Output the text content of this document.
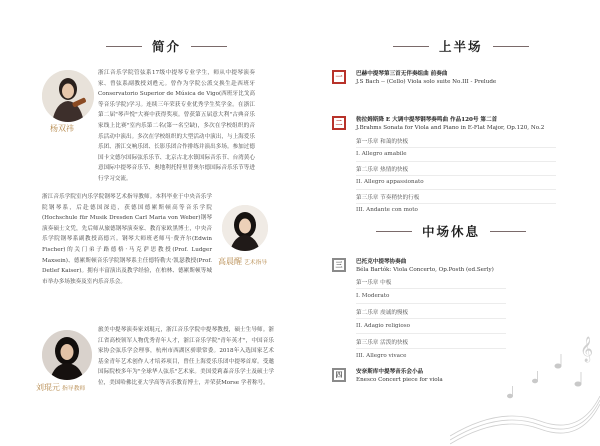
简介
杨双祎

浙江音乐学院管弦系17级中提琴专业学生，师从中提琴演奏家、曾弦系副教授刘甦元。曾作为学院公派交换生赴西班牙Conservatorio Superior de Música de Vigo(西班牙比戈高等音乐学院)学习。连续三年荣获专业优秀学生奖学金。在浙江第二届"琴声悦"大赛中获得奖项。曾获第五届意大利"古典音乐家线上比赛"室内乐第二名(第一名空缺)，多次在学校组织的音乐活动中演出。多次在学校组织的大型活动中演出，与上海爱乐乐团、浙江交响乐团、长影乐团合作排练并演出多场。参加过德国卡文德尔国际弦乐乐节、北京古北水镇国际音乐节、台湾黄心意国际中提琴音乐节、奥地利托特里普奥尔德国际音乐乐节等进行学习交流。

浙江音乐学院室内乐学院钢琴艺术指导教师。本科毕业于中央音乐学院钢琴系，后赴德国深造，获德国德累斯顿高等音乐学院(Hochschule für Musik Dresden Carl Maria von Weber)钢琴演奏硕士文凭，先后师从旅德钢琴演奏家、教育家欧黑博士，中央音乐学院钢琴系副教授高德兴。钢琴大师班老师马·费齐尔(Edwin Fischer)的关门弟子路德格·马克萨思教授(Prof. Ludger Maxsein)、德累斯顿音乐学院钢琴系主任德特勒夫·凯瑟教授(Prof. Detlef Kaiser)。拥有丰富演出及教学经验，在柏林、德累斯顿等城市举办多场独奏及室内乐音乐会。

高晨醒 艺术指导
刘琨元 指导教师

旅美中提琴演奏家刘琨元，浙江音乐学院中提琴教授，硕士生导师。浙江省高校领军人物优秀青年人才，浙江音乐学院"青年英才"，中国音乐家协会弦乐学会理事，杭州市西湖区骄联常委。2018年入选国家艺术基金青年艺术创作人才培养项目，曾任上海爱乐乐团中提琴首席。受邀国际院校多年为"全球华人弦乐"艺术家。美国爱莉森音乐学士及硕士学位，美国哈佛比亚大学高等音乐教育博士，并荣获Morse 学者称号。

上半场
一 巴赫中提琴第三首无伴奏组曲 前奏曲
J.S Bach -- (Cello) Viola solo suite No.III - Prelude
二 勃拉姆斯降 E 大调中提琴钢琴奏鸣曲 作品120号 第二首
J.Brahms Sonata for Viola and Piano in E-Flat Major, Op.120, No.2
第一乐章 和蔼的快板
I. Allegro amabile
第二乐章 热情的快板
II. Allegro appassionato
第三乐章 节奏稍快的行板
III. Andante con moto
中场休息
三 巴托克中提琴协奏曲
Béla Bartók: Viola Concerto, Op.Posth (ed.Serly)
第一乐章 中板
I. Moderato
第二乐章 虔诚的慢板
II. Adagio religioso
第三乐章 活泼的快板
III. Allegro vivace
四 安奈斯库中提琴音乐会小品
Enesco Concert piece for viola
𝄞
